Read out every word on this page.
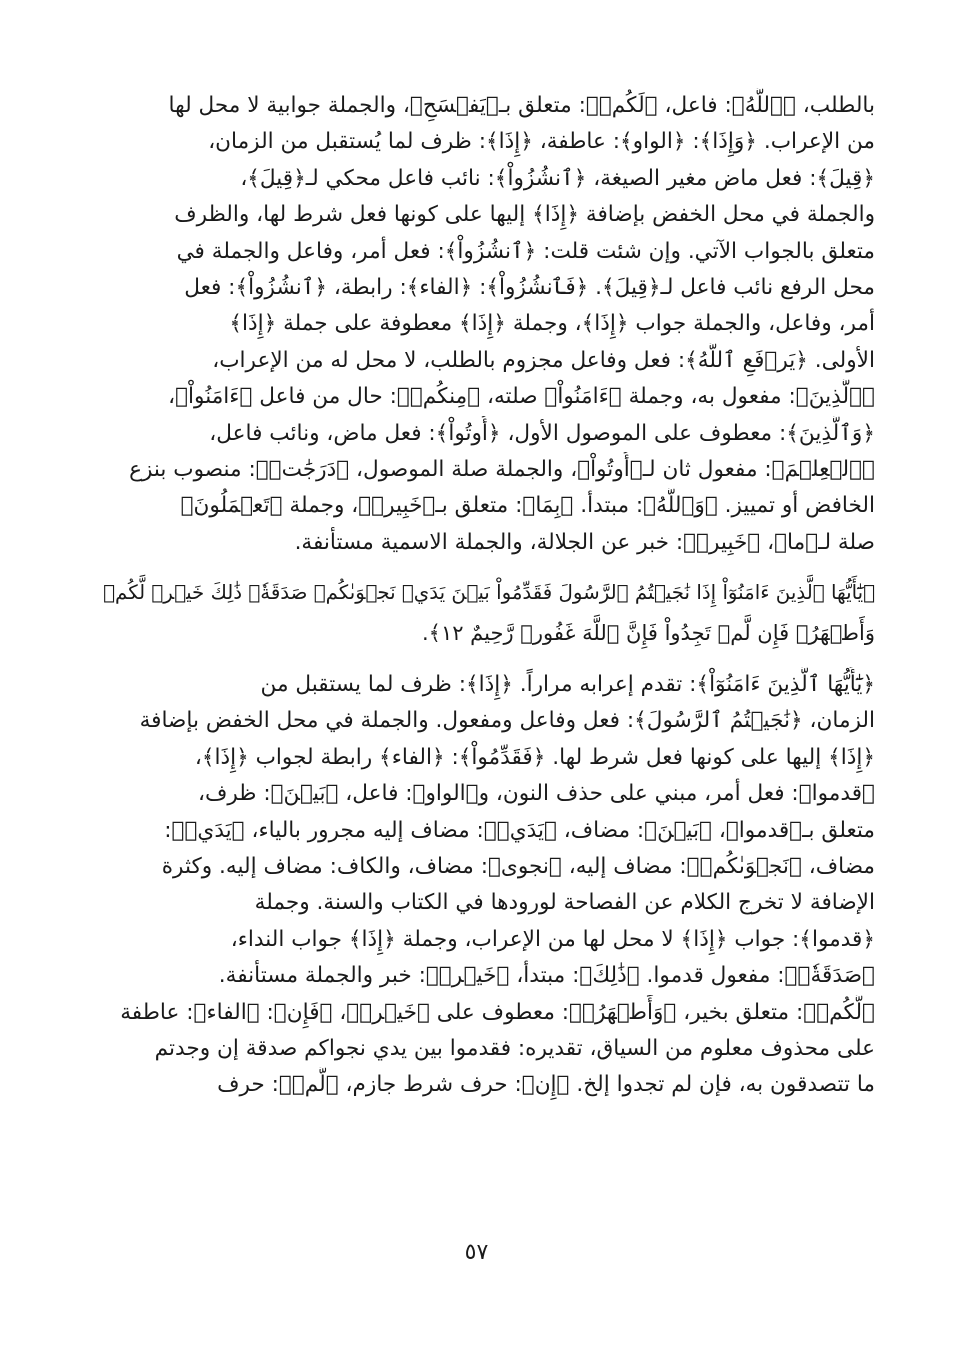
بالطلب، ﴿ٱللَّهُ﴾: فاعل، ﴿لَكُمۡ﴾: متعلق بـ﴿يَفۡسَحِ﴾، والجملة جوابية لا محل لها
من الإعراب. ﴿وَإِذَا﴾: ﴿الواو﴾: عاطفة، ﴿إِذَا﴾: ظرف لما يُستقبل من الزمان،
﴿قِيلَ﴾: فعل ماض مغير الصيغة، ﴿ٱنشُزُواْ﴾: نائب فاعل محكي لـ﴿قِيلَ﴾،
والجملة في محل الخفض بإضافة ﴿إِذَا﴾ إليها على كونها فعل شرط لها، والظرف
متعلق بالجواب الآتي. وإن شئت قلت: ﴿ٱنشُزُواْ﴾: فعل أمر، وفاعل والجملة في
محل الرفع نائب فاعل لـ﴿قِيلَ﴾. ﴿فَٱنشُزُواْ﴾: ﴿الفاء﴾: رابطة، ﴿ٱنشُزُواْ﴾: فعل
أمر، وفاعل، والجملة جواب ﴿إِذَا﴾، وجملة ﴿إِذَا﴾ معطوفة على جملة ﴿إِذَا﴾
الأولى. ﴿يَرۡفَعِ ٱللَّهُ﴾: فعل وفاعل مجزوم بالطلب، لا محل له من الإعراب،
﴿ٱلَّذِينَ﴾: مفعول به، وجملة ﴿ءَامَنُواْ﴾ صلته، ﴿مِنكُمۡ﴾: حال من فاعل ﴿ءَامَنُواْ﴾،
﴿وَٱلَّذِينَ﴾: معطوف على الموصول الأول، ﴿أُوتُواْ﴾: فعل ماض، ونائب فاعل،
﴿ٱلۡعِلۡمَ﴾: مفعول ثان لـ﴿أُوتُواْ﴾، والجملة صلة الموصول، ﴿دَرَجَٰتٖ﴾: منصوب بنزع
الخافض أو تمييز. ﴿وَٱللَّهُ﴾: مبتدأ. ﴿بِمَا﴾: متعلق بـ﴿خَبِيرٞ﴾، وجملة ﴿تَعۡمَلُونَ﴾
صلة لـ﴿ما﴾، ﴿خَبِيرٞ﴾: خبر عن الجلالة، والجملة الاسمية مستأنفة.
﴿يَٰٓأَيُّهَا ٱلَّذِينَ ءَامَنُوٓاْ إِذَا نَٰجَيۡتُمُ ٱلرَّسُولَ فَقَدِّمُواْ بَيۡنَ يَدَيۡ نَجۡوَىٰكُمۡ صَدَقَةٗۚ ذَٰلِكَ خَيۡرٞ لَّكُمۡ
وَأَطۡهَرُۚ فَإِن لَّمۡ تَجِدُواْ فَإِنَّ ٱللَّهَ غَفُورٞ رَّحِيمٌ ١٢﴾.
﴿يَٰٓأَيُّهَا ٱلَّذِينَ ءَامَنُوٓاْ﴾: تقدم إعرابه مراراً. ﴿إِذَا﴾: ظرف لما يستقبل من
الزمان، ﴿نَٰجَيۡتُمُ ٱلرَّسُولَ﴾: فعل وفاعل ومفعول. والجملة في محل الخفض بإضافة
﴿إِذَا﴾ إليها على كونها فعل شرط لها. ﴿فَقَدِّمُواْ﴾: ﴿الفاء﴾ رابطة لجواب ﴿إِذَا﴾،
﴿قدموا﴾: فعل أمر، مبني على حذف النون، و﴿الواو﴾: فاعل، ﴿بَيۡنَ﴾: ظرف،
متعلق بـ﴿قدموا﴾، ﴿بَيۡنَ﴾: مضاف، ﴿يَدَيۡ﴾: مضاف إليه مجرور بالياء، ﴿يَدَيۡ﴾:
مضاف، ﴿نَجۡوَىٰكُمۡ﴾: مضاف إليه، ﴿نجوى﴾: مضاف، والكاف: مضاف إليه. وكثرة
الإضافة لا تخرج الكلام عن الفصاحة لورودها في الكتاب والسنة. وجملة
﴿قدموا﴾: جواب ﴿إِذَا﴾ لا محل لها من الإعراب، وجملة ﴿إِذَا﴾ جواب النداء،
﴿صَدَقَةٗۚ﴾: مفعول قدموا. ﴿ذَٰلِكَ﴾: مبتدأ، ﴿خَيۡرٞ﴾: خبر والجملة مستأنفة.
﴿لَّكُمۡ﴾: متعلق بخير، ﴿وَأَطۡهَرُۚ﴾: معطوف على ﴿خَيۡرٞ﴾، ﴿فَإِن﴾: ﴿الفاء﴾: عاطفة
على محذوف معلوم من السياق، تقديره: فقدموا بين يدي نجواكم صدقة إن وجدتم
ما تتصدقون به، فإن لم تجدوا إلخ. ﴿إِن﴾: حرف شرط جازم، ﴿لَّمۡ﴾: حرف
٥٧
